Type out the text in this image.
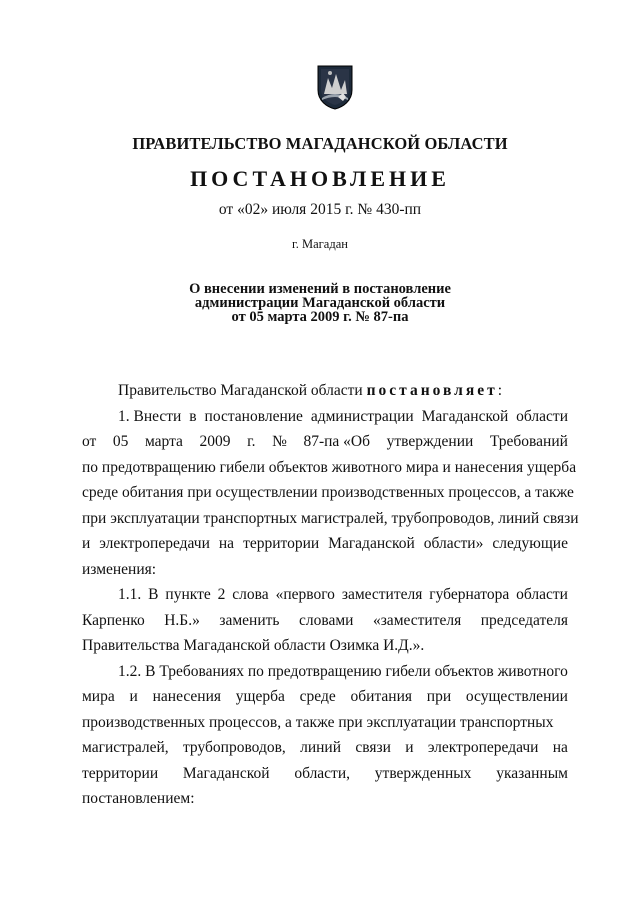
ПРАВИТЕЛЬСТВО МАГАДАНСКОЙ ОБЛАСТИ
ПОСТАНОВЛЕНИЕ
от «02» июля 2015 г. № 430-пп
г. Магадан
О внесении изменений в постановление
администрации Магаданской области
от 05 марта 2009 г. № 87-па
Правительство Магаданской области постановляет:
1. Внести в постановление администрации Магаданской области
от 05 марта 2009 г. № 87-па «Об утверждении Требований
по предотвращению гибели объектов животного мира и нанесения ущерба
среде обитания при осуществлении производственных процессов, а также
при эксплуатации транспортных магистралей, трубопроводов, линий связи
и электропередачи на территории Магаданской области» следующие
изменения:
1.1. В пункте 2 слова «первого заместителя губернатора области
Карпенко Н.Б.» заменить словами «заместителя председателя
Правительства Магаданской области Озимка И.Д.».
1.2. В Требованиях по предотвращению гибели объектов животного
мира и нанесения ущерба среде обитания при осуществлении
производственных процессов, а также при эксплуатации транспортных
магистралей, трубопроводов, линий связи и электропередачи на
территории Магаданской области, утвержденных указанным
постановлением:
